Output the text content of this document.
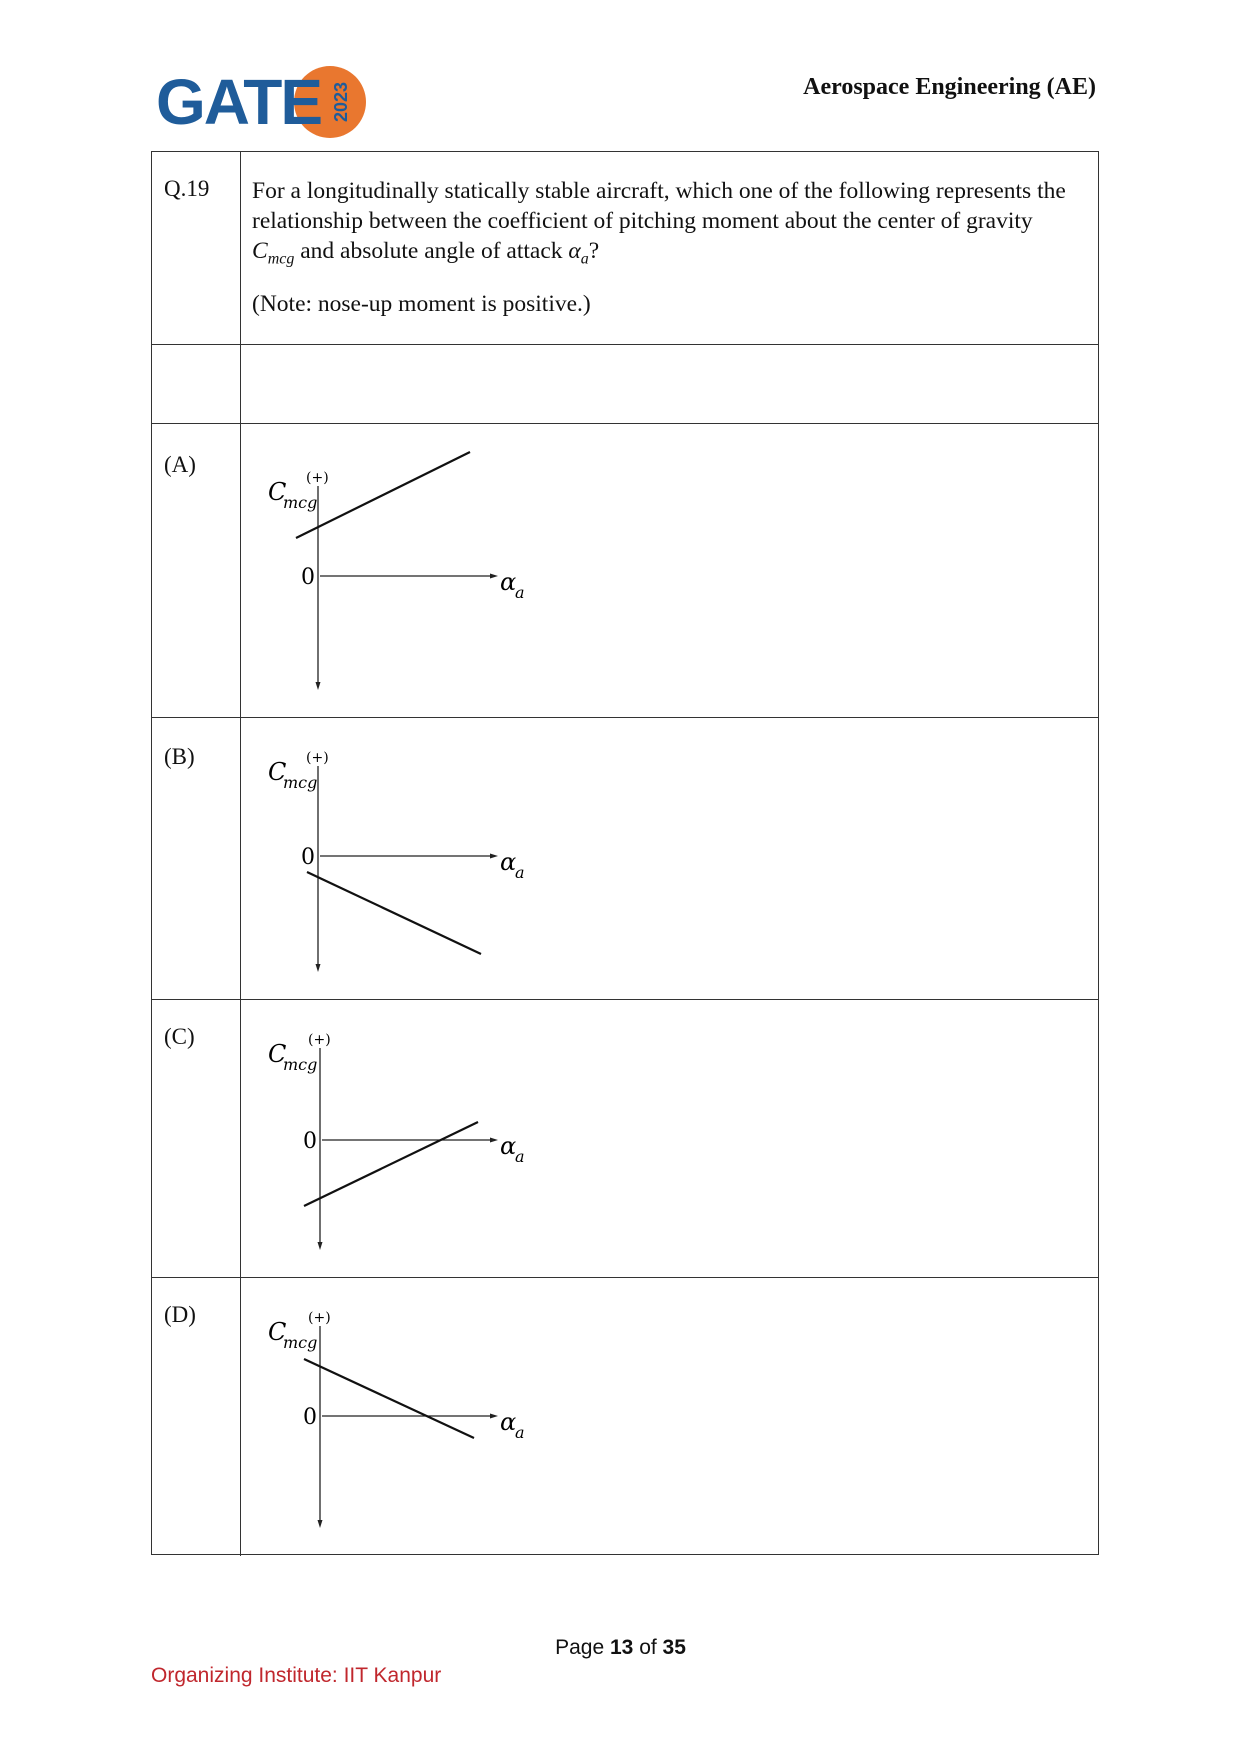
GATE 2023	Aerospace Engineering (AE)
Q.19 For a longitudinally statically stable aircraft, which one of the following represents the relationship between the coefficient of pitching moment about the center of gravity $C_{mcg}$ and absolute angle of attack $\alpha_a$?

(Note: nose-up moment is positive.)

(A)
C
mcg
(+)
0	α
a
(B)
C
mcg
(+)
0	α
a
(C)
C
mcg
(+)
0	α
a
(D)
C
mcg
(+)
0	α
a
Page 13 of 35
Organizing Institute: IIT Kanpur
